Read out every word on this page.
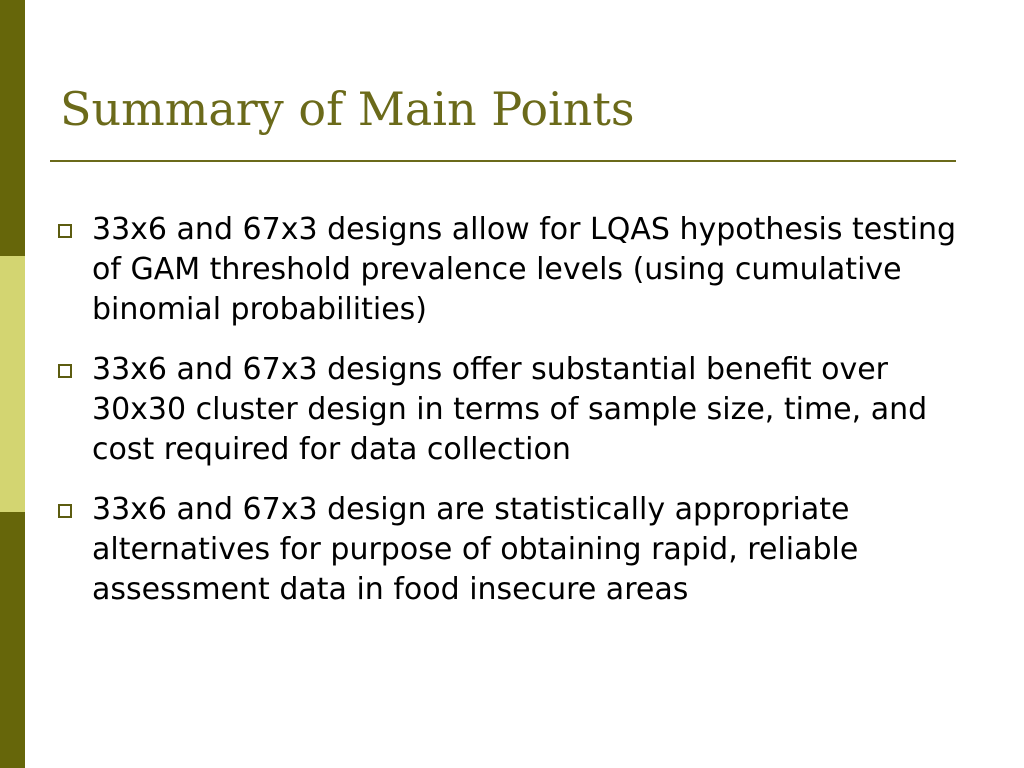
Summary of Main Points
33x6 and 67x3 designs allow for LQAS hypothesis testing of GAM threshold prevalence levels (using cumulative binomial probabilities)
33x6 and 67x3 designs offer substantial benefit over 30x30 cluster design in terms of sample size, time, and cost required for data collection
33x6 and 67x3 design are statistically appropriate alternatives for purpose of obtaining rapid, reliable assessment data in food insecure areas
